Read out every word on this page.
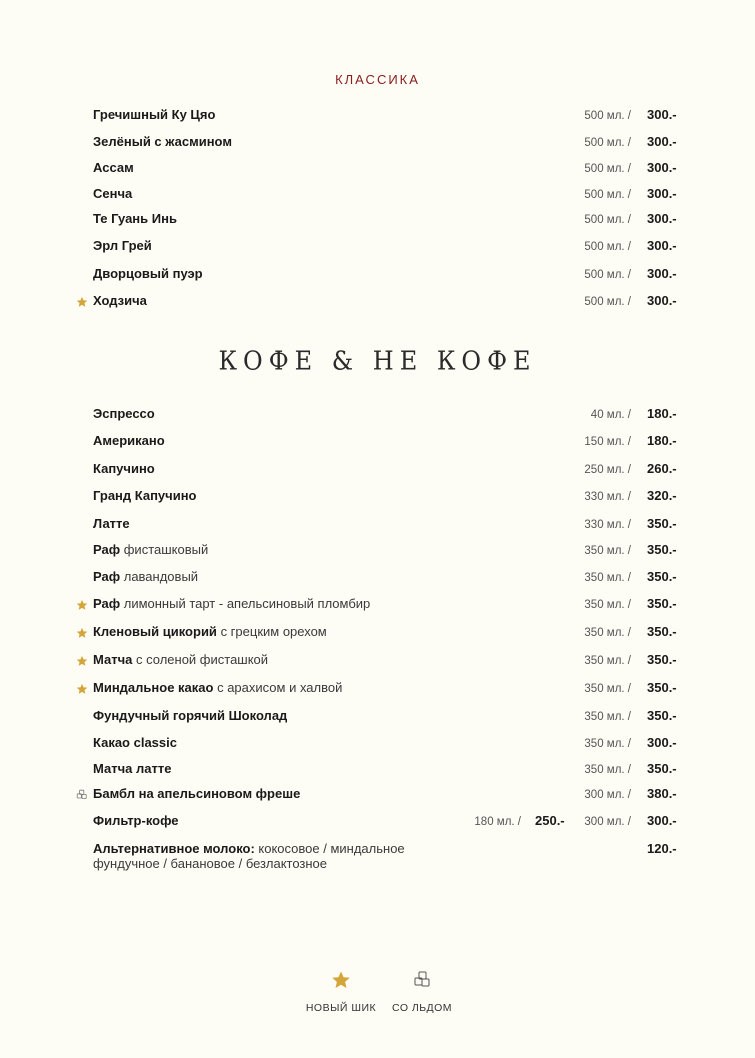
КЛАССИКА
Гречишный Ку Цяо	500 мл. / 300.-
Зелёный с жасмином	500 мл. / 300.-
Ассам	500 мл. / 300.-
Сенча	500 мл. / 300.-
Те Гуань Инь	500 мл. / 300.-
Эрл Грей	500 мл. / 300.-
Дворцовый пуэр	500 мл. / 300.-
Ходзича	500 мл. / 300.-
КОФЕ & НЕ КОФЕ
Эспрессо	40 мл. / 180.-
Американо	150 мл. / 180.-
Капучино	250 мл. / 260.-
Гранд Капучино	330 мл. / 320.-
Латте	330 мл. / 350.-
Раф фисташковый	350 мл. / 350.-
Раф лавандовый	350 мл. / 350.-
Раф лимонный тарт - апельсиновый пломбир	350 мл. / 350.-
Кленовый цикорий с грецким орехом	350 мл. / 350.-
Матча с соленой фисташкой	350 мл. / 350.-
Миндальное какао с арахисом и халвой	350 мл. / 350.-
Фундучный горячий Шоколад	350 мл. / 350.-
Какао classic	350 мл. / 300.-
Матча латте	350 мл. / 350.-
Бамбл на апельсиновом фреше	300 мл. / 380.-
Фильтр-кофе	180 мл. / 250.- 300 мл. / 300.-
Альтернативное молоко: кокосовое / миндальное фундучное / банановое / безлактозное
120.-
НОВЫЙ ШИК	СО ЛЬДОМ
